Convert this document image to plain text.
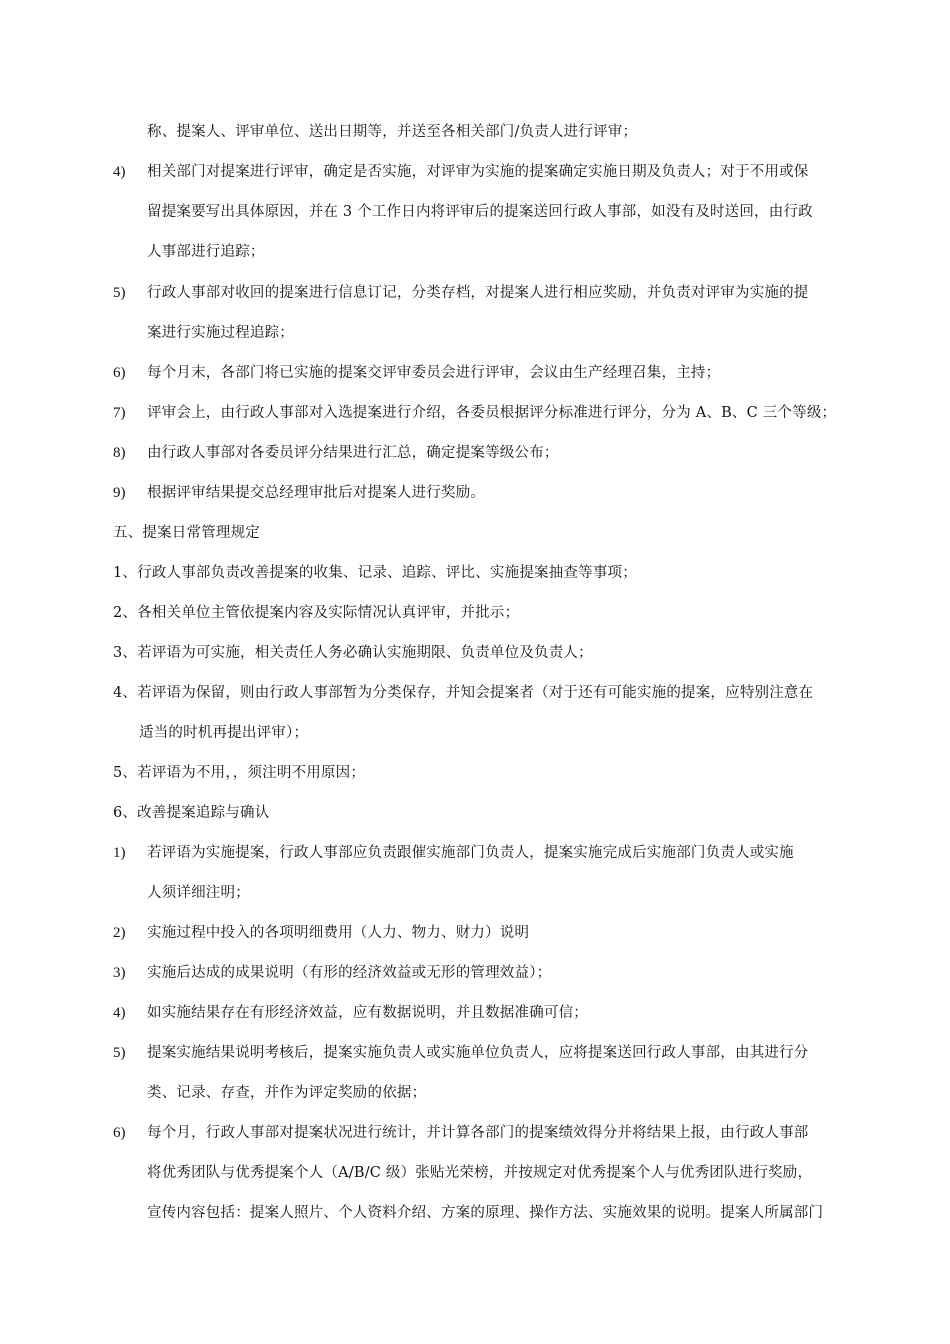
称、提案人、评审单位、送出日期等，并送至各相关部门/负责人进行评审；
4) 相关部门对提案进行评审，确定是否实施，对评审为实施的提案确定实施日期及负责人；对于不用或保
留提案要写出具体原因，并在 3 个工作日内将评审后的提案送回行政人事部，如没有及时送回，由行政
人事部进行追踪；
5) 行政人事部对收回的提案进行信息订记，分类存档，对提案人进行相应奖励，并负责对评审为实施的提
案进行实施过程追踪；
6) 每个月末，各部门将已实施的提案交评审委员会进行评审，会议由生产经理召集，主持；
7) 评审会上，由行政人事部对入选提案进行介绍，各委员根据评分标准进行评分，分为 A、B、C 三个等级；
8) 由行政人事部对各委员评分结果进行汇总，确定提案等级公布；
9) 根据评审结果提交总经理审批后对提案人进行奖励。
五、提案日常管理规定
1、行政人事部负责改善提案的收集、记录、追踪、评比、实施提案抽查等事项；
2、各相关单位主管依提案内容及实际情况认真评审，并批示；
3、若评语为可实施，相关责任人务必确认实施期限、负责单位及负责人；
4、若评语为保留，则由行政人事部暂为分类保存，并知会提案者（对于还有可能实施的提案，应特别注意在
适当的时机再提出评审）；
5、若评语为不用，，须注明不用原因；
6、改善提案追踪与确认
1) 若评语为实施提案，行政人事部应负责跟催实施部门负责人，提案实施完成后实施部门负责人或实施
人须详细注明；
2) 实施过程中投入的各项明细费用（人力、物力、财力）说明
3) 实施后达成的成果说明（有形的经济效益或无形的管理效益）；
4) 如实施结果存在有形经济效益，应有数据说明，并且数据准确可信；
5) 提案实施结果说明考核后，提案实施负责人或实施单位负责人，应将提案送回行政人事部，由其进行分
类、记录、存查，并作为评定奖励的依据；
6) 每个月，行政人事部对提案状况进行统计，并计算各部门的提案绩效得分并将结果上报，由行政人事部
将优秀团队与优秀提案个人（A/B/C 级）张贴光荣榜，并按规定对优秀提案个人与优秀团队进行奖励，
宣传内容包括：提案人照片、个人资料介绍、方案的原理、操作方法、实施效果的说明。提案人所属部门
